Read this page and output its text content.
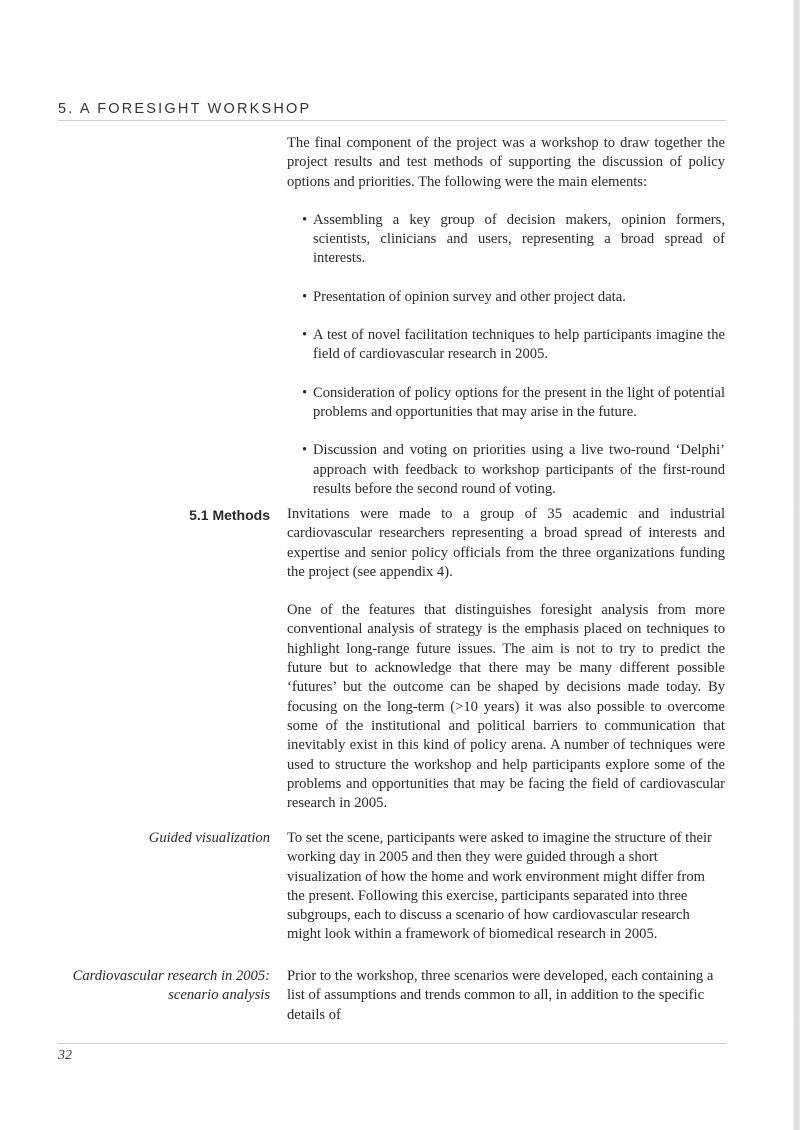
5. A FORESIGHT WORKSHOP

The final component of the project was a workshop to draw together the project results and test methods of supporting the discussion of policy options and priorities. The following were the main elements:

• Assembling a key group of decision makers, opinion formers, scientists, clinicians and users, representing a broad spread of interests.
• Presentation of opinion survey and other project data.
• A test of novel facilitation techniques to help participants imagine the field of cardiovascular research in 2005.
• Consideration of policy options for the present in the light of potential problems and opportunities that may arise in the future.
• Discussion and voting on priorities using a live two-round ‘Delphi’ approach with feedback to workshop participants of the first-round results before the second round of voting.
5.1 Methods Invitations were made to a group of 35 academic and industrial cardiovascular researchers representing a broad spread of interests and expertise and senior policy officials from the three organizations funding the project (see appendix 4).

One of the features that distinguishes foresight analysis from more conventional analysis of strategy is the emphasis placed on techniques to highlight long-range future issues. The aim is not to try to predict the future but to acknowledge that there may be many different possible ‘futures’ but the outcome can be shaped by decisions made today. By focusing on the long-term (>10 years) it was also possible to overcome some of the institutional and political barriers to communication that inevitably exist in this kind of policy arena. A number of techniques were used to structure the workshop and help participants explore some of the problems and opportunities that may be facing the field of cardiovascular research in 2005.

Guided visualization To set the scene, participants were asked to imagine the structure of their working day in 2005 and then they were guided through a short visualization of how the home and work environment might differ from the present. Following this exercise, participants separated into three subgroups, each to discuss a scenario of how cardiovascular research might look within a framework of biomedical research in 2005.
Cardiovascular research in 2005:
scenario analysis
Prior to the workshop, three scenarios were developed, each containing a list of assumptions and trends common to all, in addition to the specific details of
32
